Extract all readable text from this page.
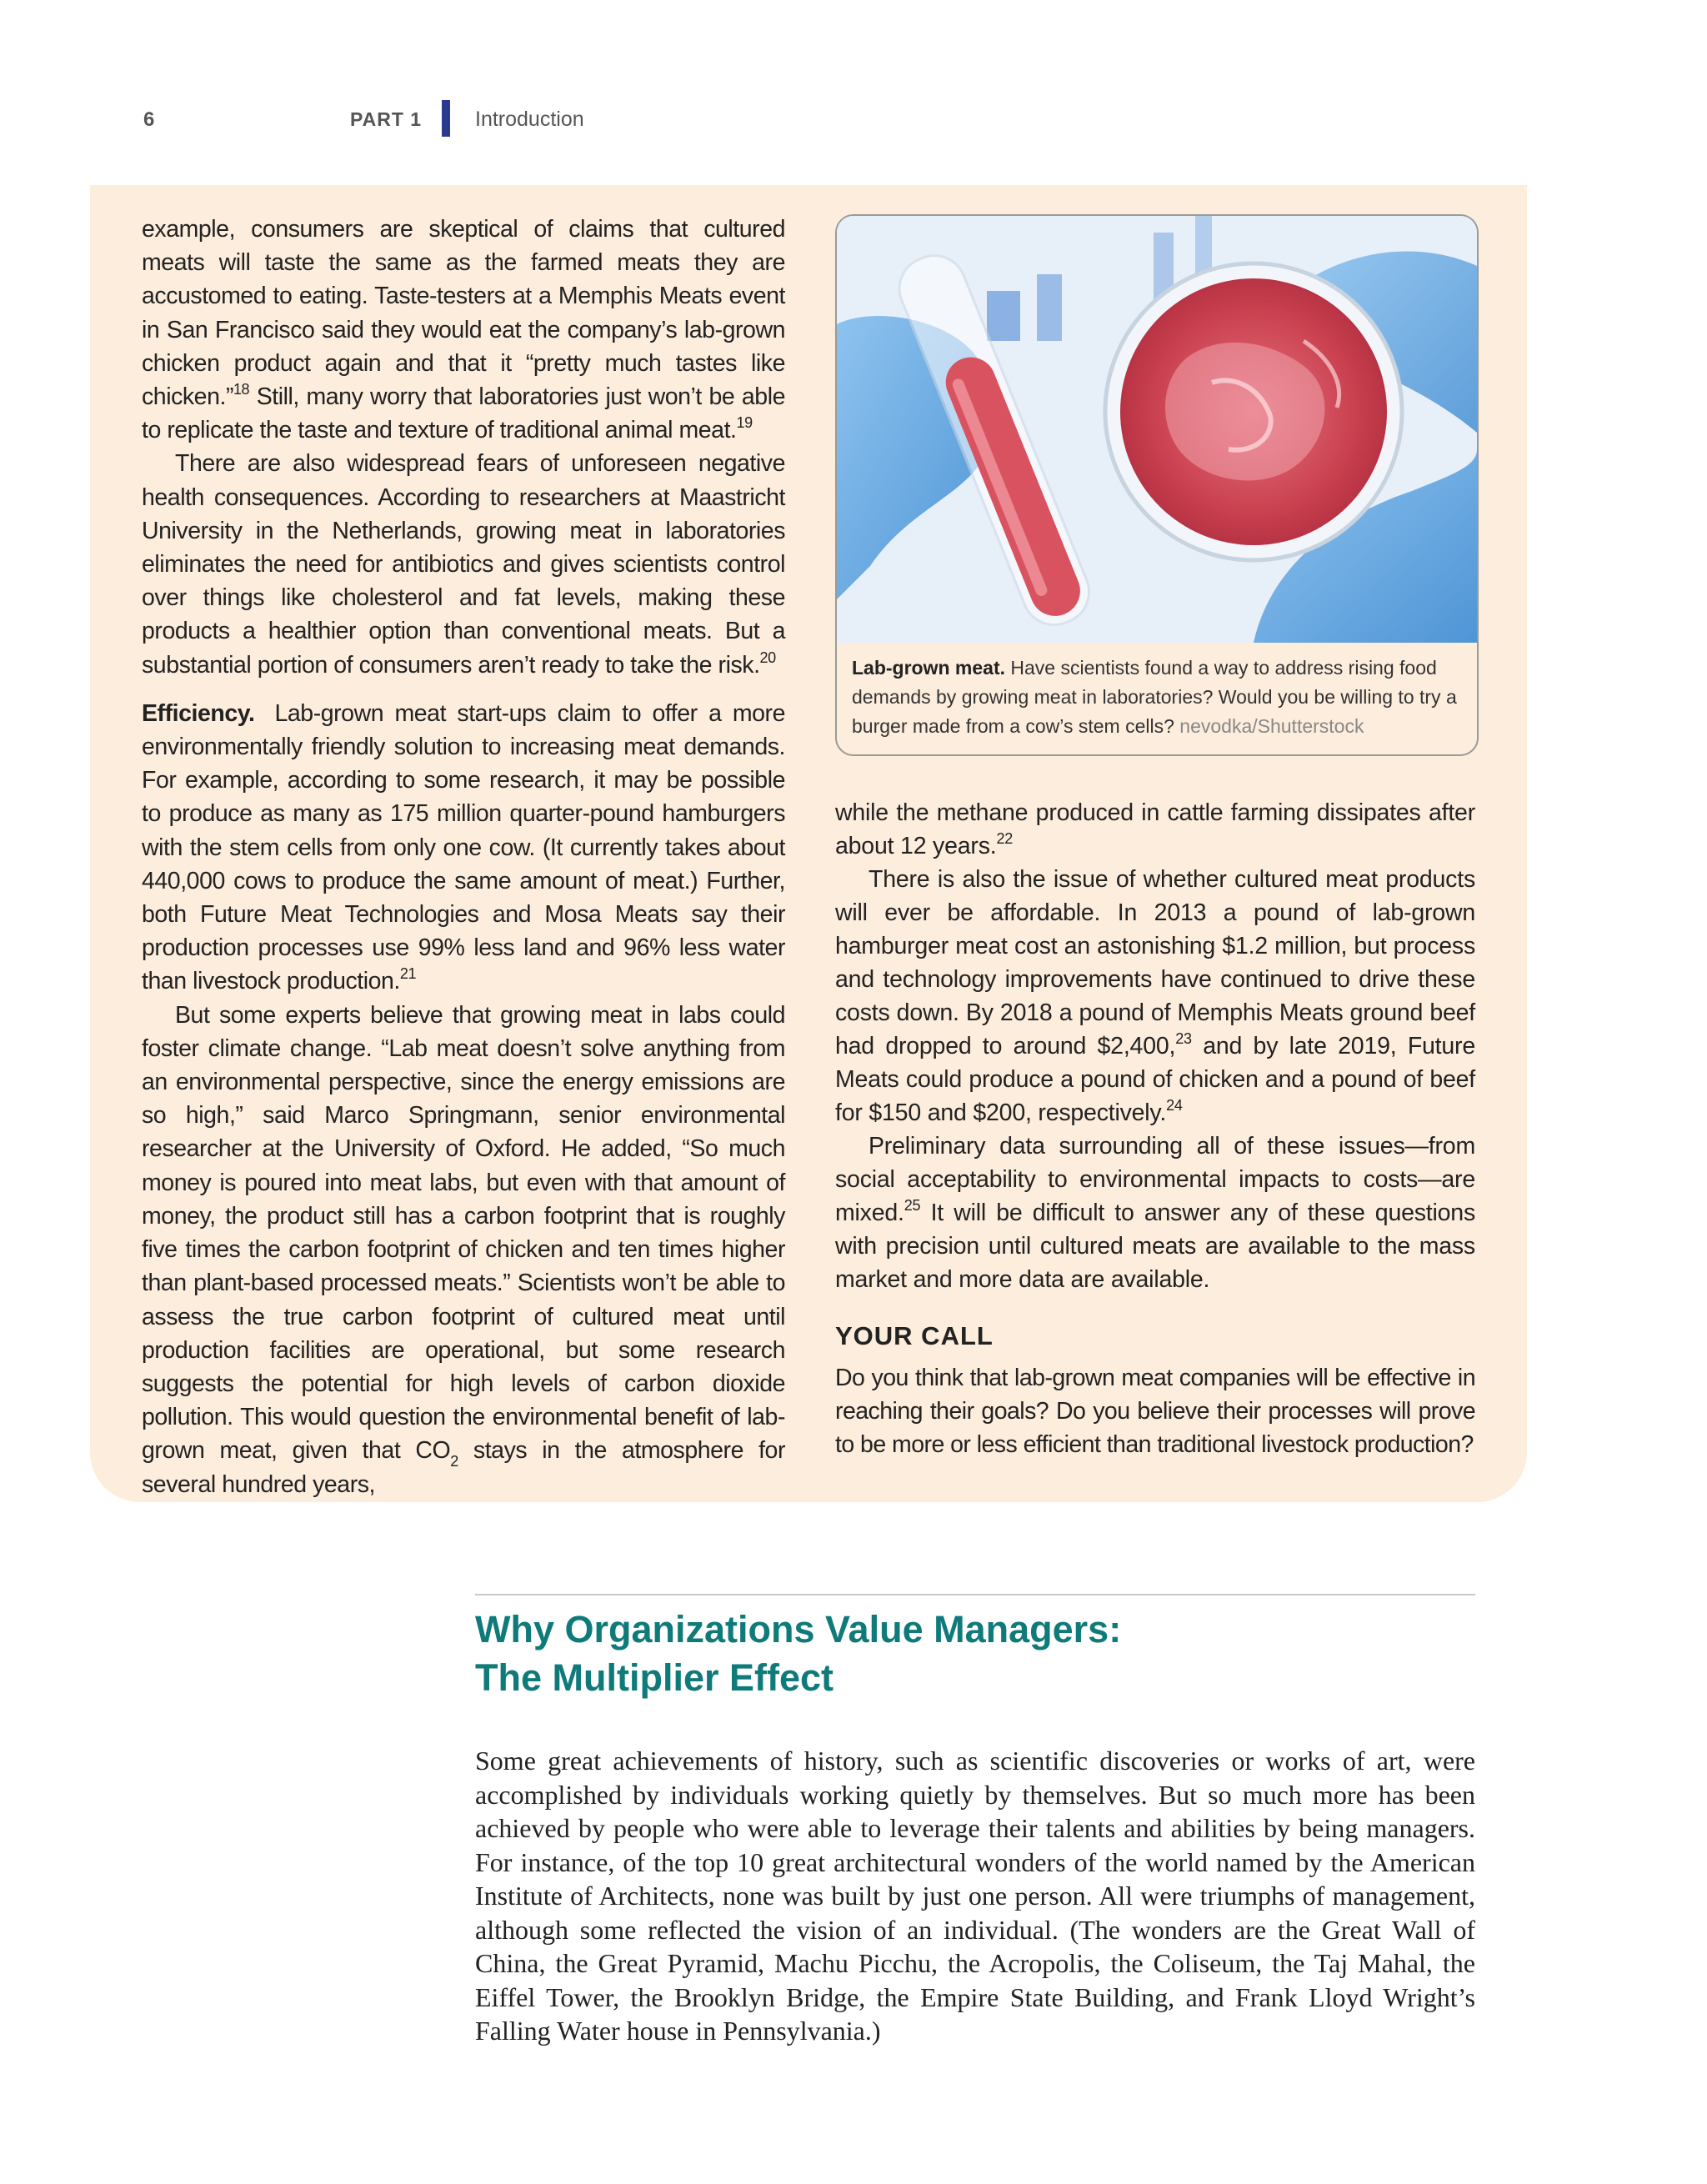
6	PART 1	Introduction

example, consumers are skeptical of claims that cultured meats will taste the same as the farmed meats they are accustomed to eating. Taste-testers at a Memphis Meats event in San Francisco said they would eat the company’s lab-grown chicken product again and that it “pretty much tastes like chicken.”$^{18}$ Still, many worry that laboratories just won’t be able to replicate the taste and texture of traditional animal meat.$^{19}$

There are also widespread fears of unforeseen negative health consequences. According to researchers at Maastricht University in the Netherlands, growing meat in laboratories eliminates the need for antibiotics and gives scientists control over things like cholesterol and fat levels, making these products a healthier option than conventional meats. But a substantial portion of consumers aren’t ready to take the risk.$^{20}$

Efficiency. Lab-grown meat start-ups claim to offer a more environmentally friendly solution to increasing meat demands. For example, according to some research, it may be possible to produce as many as 175 million quarter-pound hamburgers with the stem cells from only one cow. (It currently takes about 440,000 cows to produce the same amount of meat.) Further, both Future Meat Technologies and Mosa Meats say their production processes use 99% less land and 96% less water than livestock production.$^{21}$

But some experts believe that growing meat in labs could foster climate change. “Lab meat doesn’t solve anything from an environmental perspective, since the energy emissions are so high,” said Marco Springmann, senior environmental researcher at the University of Oxford. He added, “So much money is poured into meat labs, but even with that amount of money, the product still has a carbon footprint that is roughly five times the carbon footprint of chicken and ten times higher than plant-based processed meats.” Scientists won’t be able to assess the true carbon footprint of cultured meat until production facilities are operational, but some research suggests the potential for high levels of carbon dioxide pollution. This would question the environmental benefit of lab-grown meat, given that $CO_2$ stays in the atmosphere for several hundred years,

Lab-grown meat. Have scientists found a way to address rising food demands by growing meat in laboratories? Would you be willing to try a burger made from a cow’s stem cells? nevodka/Shutterstock

while the methane produced in cattle farming dissipates after about 12 years.$^{22}$

There is also the issue of whether cultured meat products will ever be affordable. In 2013 a pound of lab-grown hamburger meat cost an astonishing $1.2 million, but process and technology improvements have continued to drive these costs down. By 2018 a pound of Memphis Meats ground beef had dropped to around $2,400,23 and by late 2019, Future Meats could produce a pound of chicken and a pound of beef for $150 and $200, respectively.$^{24}$

Preliminary data surrounding all of these issues—from social acceptability to environmental impacts to costs—are mixed.$^{25}$ It will be difficult to answer any of these questions with precision until cultured meats are available to the mass market and more data are available.

YOUR CALL

Do you think that lab-grown meat companies will be effective in reaching their goals? Do you believe their processes will prove to be more or less efficient than traditional livestock production?

Why Organizations Value Managers:
The Multiplier Effect

Some great achievements of history, such as scientific discoveries or works of art, were accomplished by individuals working quietly by themselves. But so much more has been achieved by people who were able to leverage their talents and abilities by being managers. For instance, of the top 10 great architectural wonders of the world named by the American Institute of Architects, none was built by just one person. All were triumphs of management, although some reflected the vision of an individual. (The wonders are the Great Wall of China, the Great Pyramid, Machu Picchu, the Acropolis, the Coliseum, the Taj Mahal, the Eiffel Tower, the Brooklyn Bridge, the Empire State Building, and Frank Lloyd Wright’s Falling Water house in Pennsylvania.)
